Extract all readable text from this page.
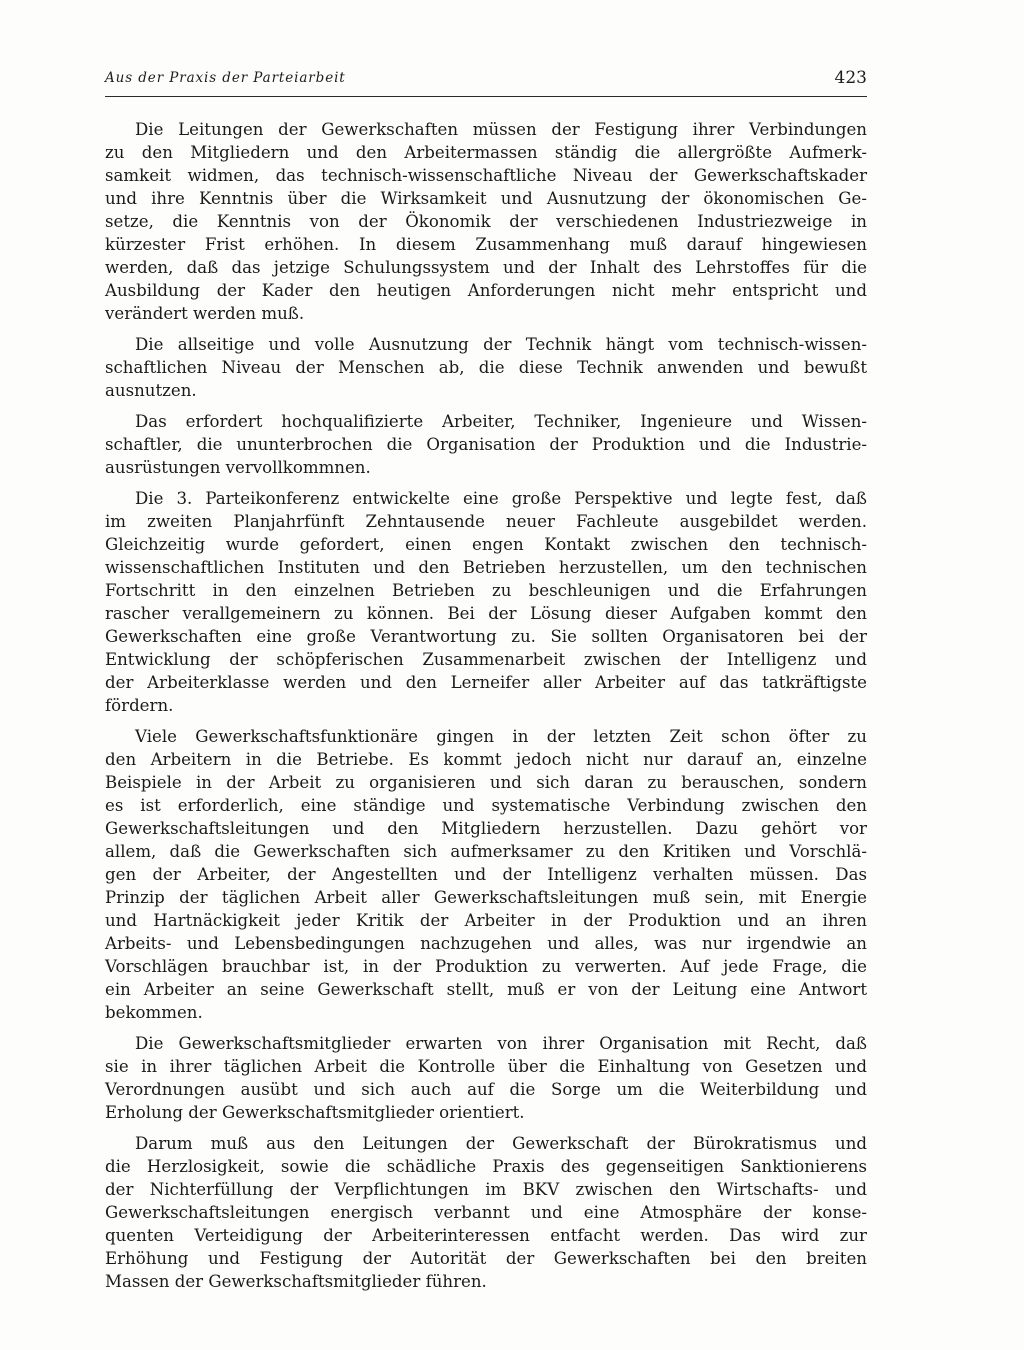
Aus der Praxis der Parteiarbeit	423
Die Leitungen der Gewerkschaften müssen der Festigung ihrer Verbindungen
zu den Mitgliedern und den Arbeitermassen ständig die allergrößte Aufmerk-
samkeit widmen, das technisch-wissenschaftliche Niveau der Gewerkschaftskader
und ihre Kenntnis über die Wirksamkeit und Ausnutzung der ökonomischen Ge-
setze, die Kenntnis von der Ökonomik der verschiedenen Industriezweige in
kürzester Frist erhöhen. In diesem Zusammenhang muß darauf hingewiesen
werden, daß das jetzige Schulungssystem und der Inhalt des Lehrstoffes für die
Ausbildung der Kader den heutigen Anforderungen nicht mehr entspricht und
verändert werden muß.
Die allseitige und volle Ausnutzung der Technik hängt vom technisch-wissen-
schaftlichen Niveau der Menschen ab, die diese Technik anwenden und bewußt
ausnutzen.
Das erfordert hochqualifizierte Arbeiter, Techniker, Ingenieure und Wissen-
schaftler, die ununterbrochen die Organisation der Produktion und die Industrie-
ausrüstungen vervollkommnen.
Die 3. Parteikonferenz entwickelte eine große Perspektive und legte fest, daß
im zweiten Planjahrfünft Zehntausende neuer Fachleute ausgebildet werden.
Gleichzeitig wurde gefordert, einen engen Kontakt zwischen den technisch-
wissenschaftlichen Instituten und den Betrieben herzustellen, um den technischen
Fortschritt in den einzelnen Betrieben zu beschleunigen und die Erfahrungen
rascher verallgemeinern zu können. Bei der Lösung dieser Aufgaben kommt den
Gewerkschaften eine große Verantwortung zu. Sie sollten Organisatoren bei der
Entwicklung der schöpferischen Zusammenarbeit zwischen der Intelligenz und
der Arbeiterklasse werden und den Lerneifer aller Arbeiter auf das tatkräftigste
fördern.
Viele Gewerkschaftsfunktionäre gingen in der letzten Zeit schon öfter zu
den Arbeitern in die Betriebe. Es kommt jedoch nicht nur darauf an, einzelne
Beispiele in der Arbeit zu organisieren und sich daran zu berauschen, sondern
es ist erforderlich, eine ständige und systematische Verbindung zwischen den
Gewerkschaftsleitungen und den Mitgliedern herzustellen. Dazu gehört vor
allem, daß die Gewerkschaften sich aufmerksamer zu den Kritiken und Vorschlä-
gen der Arbeiter, der Angestellten und der Intelligenz verhalten müssen. Das
Prinzip der täglichen Arbeit aller Gewerkschaftsleitungen muß sein, mit Energie
und Hartnäckigkeit jeder Kritik der Arbeiter in der Produktion und an ihren
Arbeits- und Lebensbedingungen nachzugehen und alles, was nur irgendwie an
Vorschlägen brauchbar ist, in der Produktion zu verwerten. Auf jede Frage, die
ein Arbeiter an seine Gewerkschaft stellt, muß er von der Leitung eine Antwort
bekommen.
Die Gewerkschaftsmitglieder erwarten von ihrer Organisation mit Recht, daß
sie in ihrer täglichen Arbeit die Kontrolle über die Einhaltung von Gesetzen und
Verordnungen ausübt und sich auch auf die Sorge um die Weiterbildung und
Erholung der Gewerkschaftsmitglieder orientiert.
Darum muß aus den Leitungen der Gewerkschaft der Bürokratismus und
die Herzlosigkeit, sowie die schädliche Praxis des gegenseitigen Sanktionierens
der Nichterfüllung der Verpflichtungen im BKV zwischen den Wirtschafts- und
Gewerkschaftsleitungen energisch verbannt und eine Atmosphäre der konse-
quenten Verteidigung der Arbeiterinteressen entfacht werden. Das wird zur
Erhöhung und Festigung der Autorität der Gewerkschaften bei den breiten
Massen der Gewerkschaftsmitglieder führen.
